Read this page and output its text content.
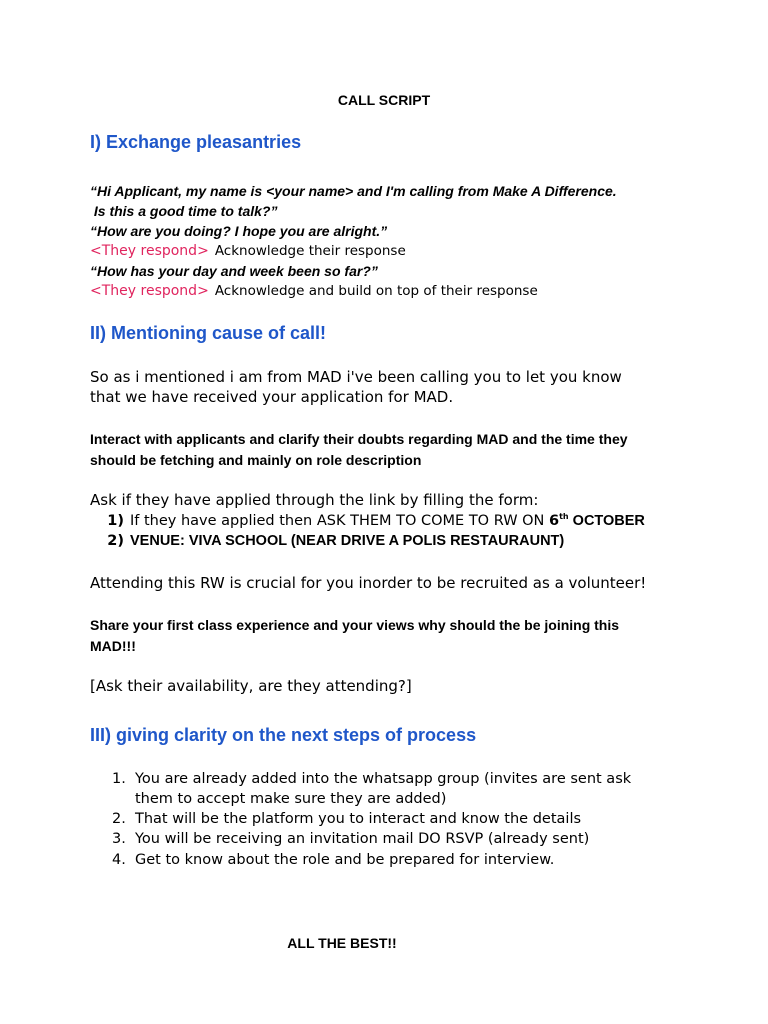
CALL SCRIPT
I) Exchange pleasantries
“Hi Applicant, my name is <your name> and I'm calling from Make A Difference.
Is this a good time to talk?”
“How are you doing? I hope you are alright.”
<They respond> Acknowledge their response
“How has your day and week been so far?”
<They respond> Acknowledge and build on top of their response
II) Mentioning cause of call!
So as i mentioned i am from MAD i've been calling you to let you know
that we have received your application for MAD.
Interact with applicants and clarify their doubts regarding MAD and the time they
should be fetching and mainly on role description
Ask if they have applied through the link by filling the form:
1) If they have applied then ASK THEM TO COME TO RW ON 6th OCTOBER
2) VENUE: VIVA SCHOOL (NEAR DRIVE A POLIS RESTAURAUNT)
Attending this RW is crucial for you inorder to be recruited as a volunteer!
Share your first class experience and your views why should the be joining this
MAD!!!
[Ask their availability, are they attending?]
III) giving clarity on the next steps of process
1. You are already added into the whatsapp group (invites are sent ask
them to accept make sure they are added)
2. That will be the platform you to interact and know the details
3. You will be receiving an invitation mail DO RSVP (already sent)
4. Get to know about the role and be prepared for interview.
ALL THE BEST!!
